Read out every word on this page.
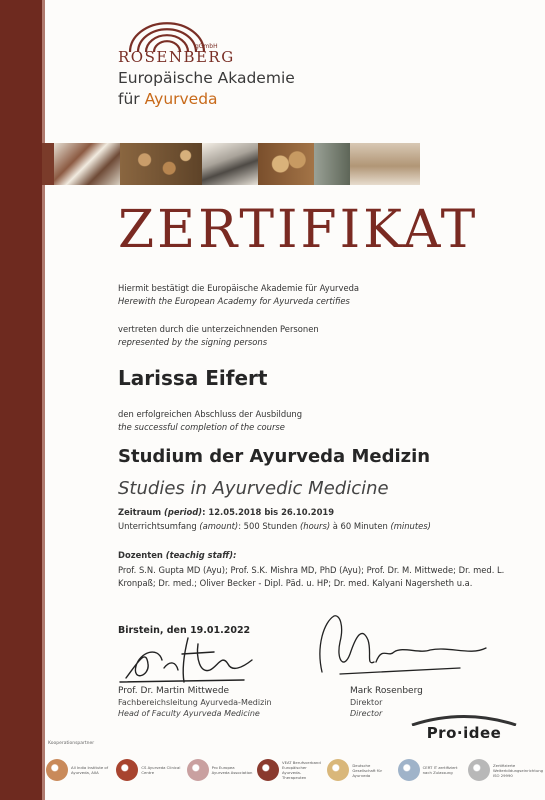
ROSENBERG
gGmbH
Europäische Akademie
für Ayurveda
ZERTIFIKAT
Hiermit bestätigt die Europäische Akademie für Ayurveda
Herewith the European Academy for Ayurveda certifies
vertreten durch die unterzeichnenden Personen
represented by the signing persons
Larissa Eifert
den erfolgreichen Abschluss der Ausbildung
the successful completion of the course
Studium der Ayurveda Medizin
Studies in Ayurvedic Medicine
Zeitraum (period): 12.05.2018 bis 26.10.2019
Unterrichtsumfang (amount): 500 Stunden (hours) à 60 Minuten (minutes)
Dozenten (teachig staff):
Prof. S.N. Gupta MD (Ayu); Prof. S.K. Mishra MD, PhD (Ayu); Prof. Dr. M. Mittwede; Dr. med. L. Kronpaß; Dr. med.; Oliver Becker - Dipl. Päd. u. HP; Dr. med. Kalyani Nagersheth u.a.
Birstein, den 19.01.2022
Prof. Dr. Martin Mittwede
Fachbereichsleitung Ayurveda-Medizin
Head of Faculty Ayurveda Medicine
Mark Rosenberg
Direktor
Director
Pro·idee
Kooperationspartner
All India Institute of Ayurveda, AIIA
CS Ayurveda Clinical Centre
Pro Europea Ayurveda Association
VEAT Berufsverband Europäischer Ayurveda-Therapeuten
Deutsche Gesellschaft für Ayurveda
CERT IT zertifiziert nach Zulassung
Zertifizierte Weiterbildungseinrichtung ISO 29990
